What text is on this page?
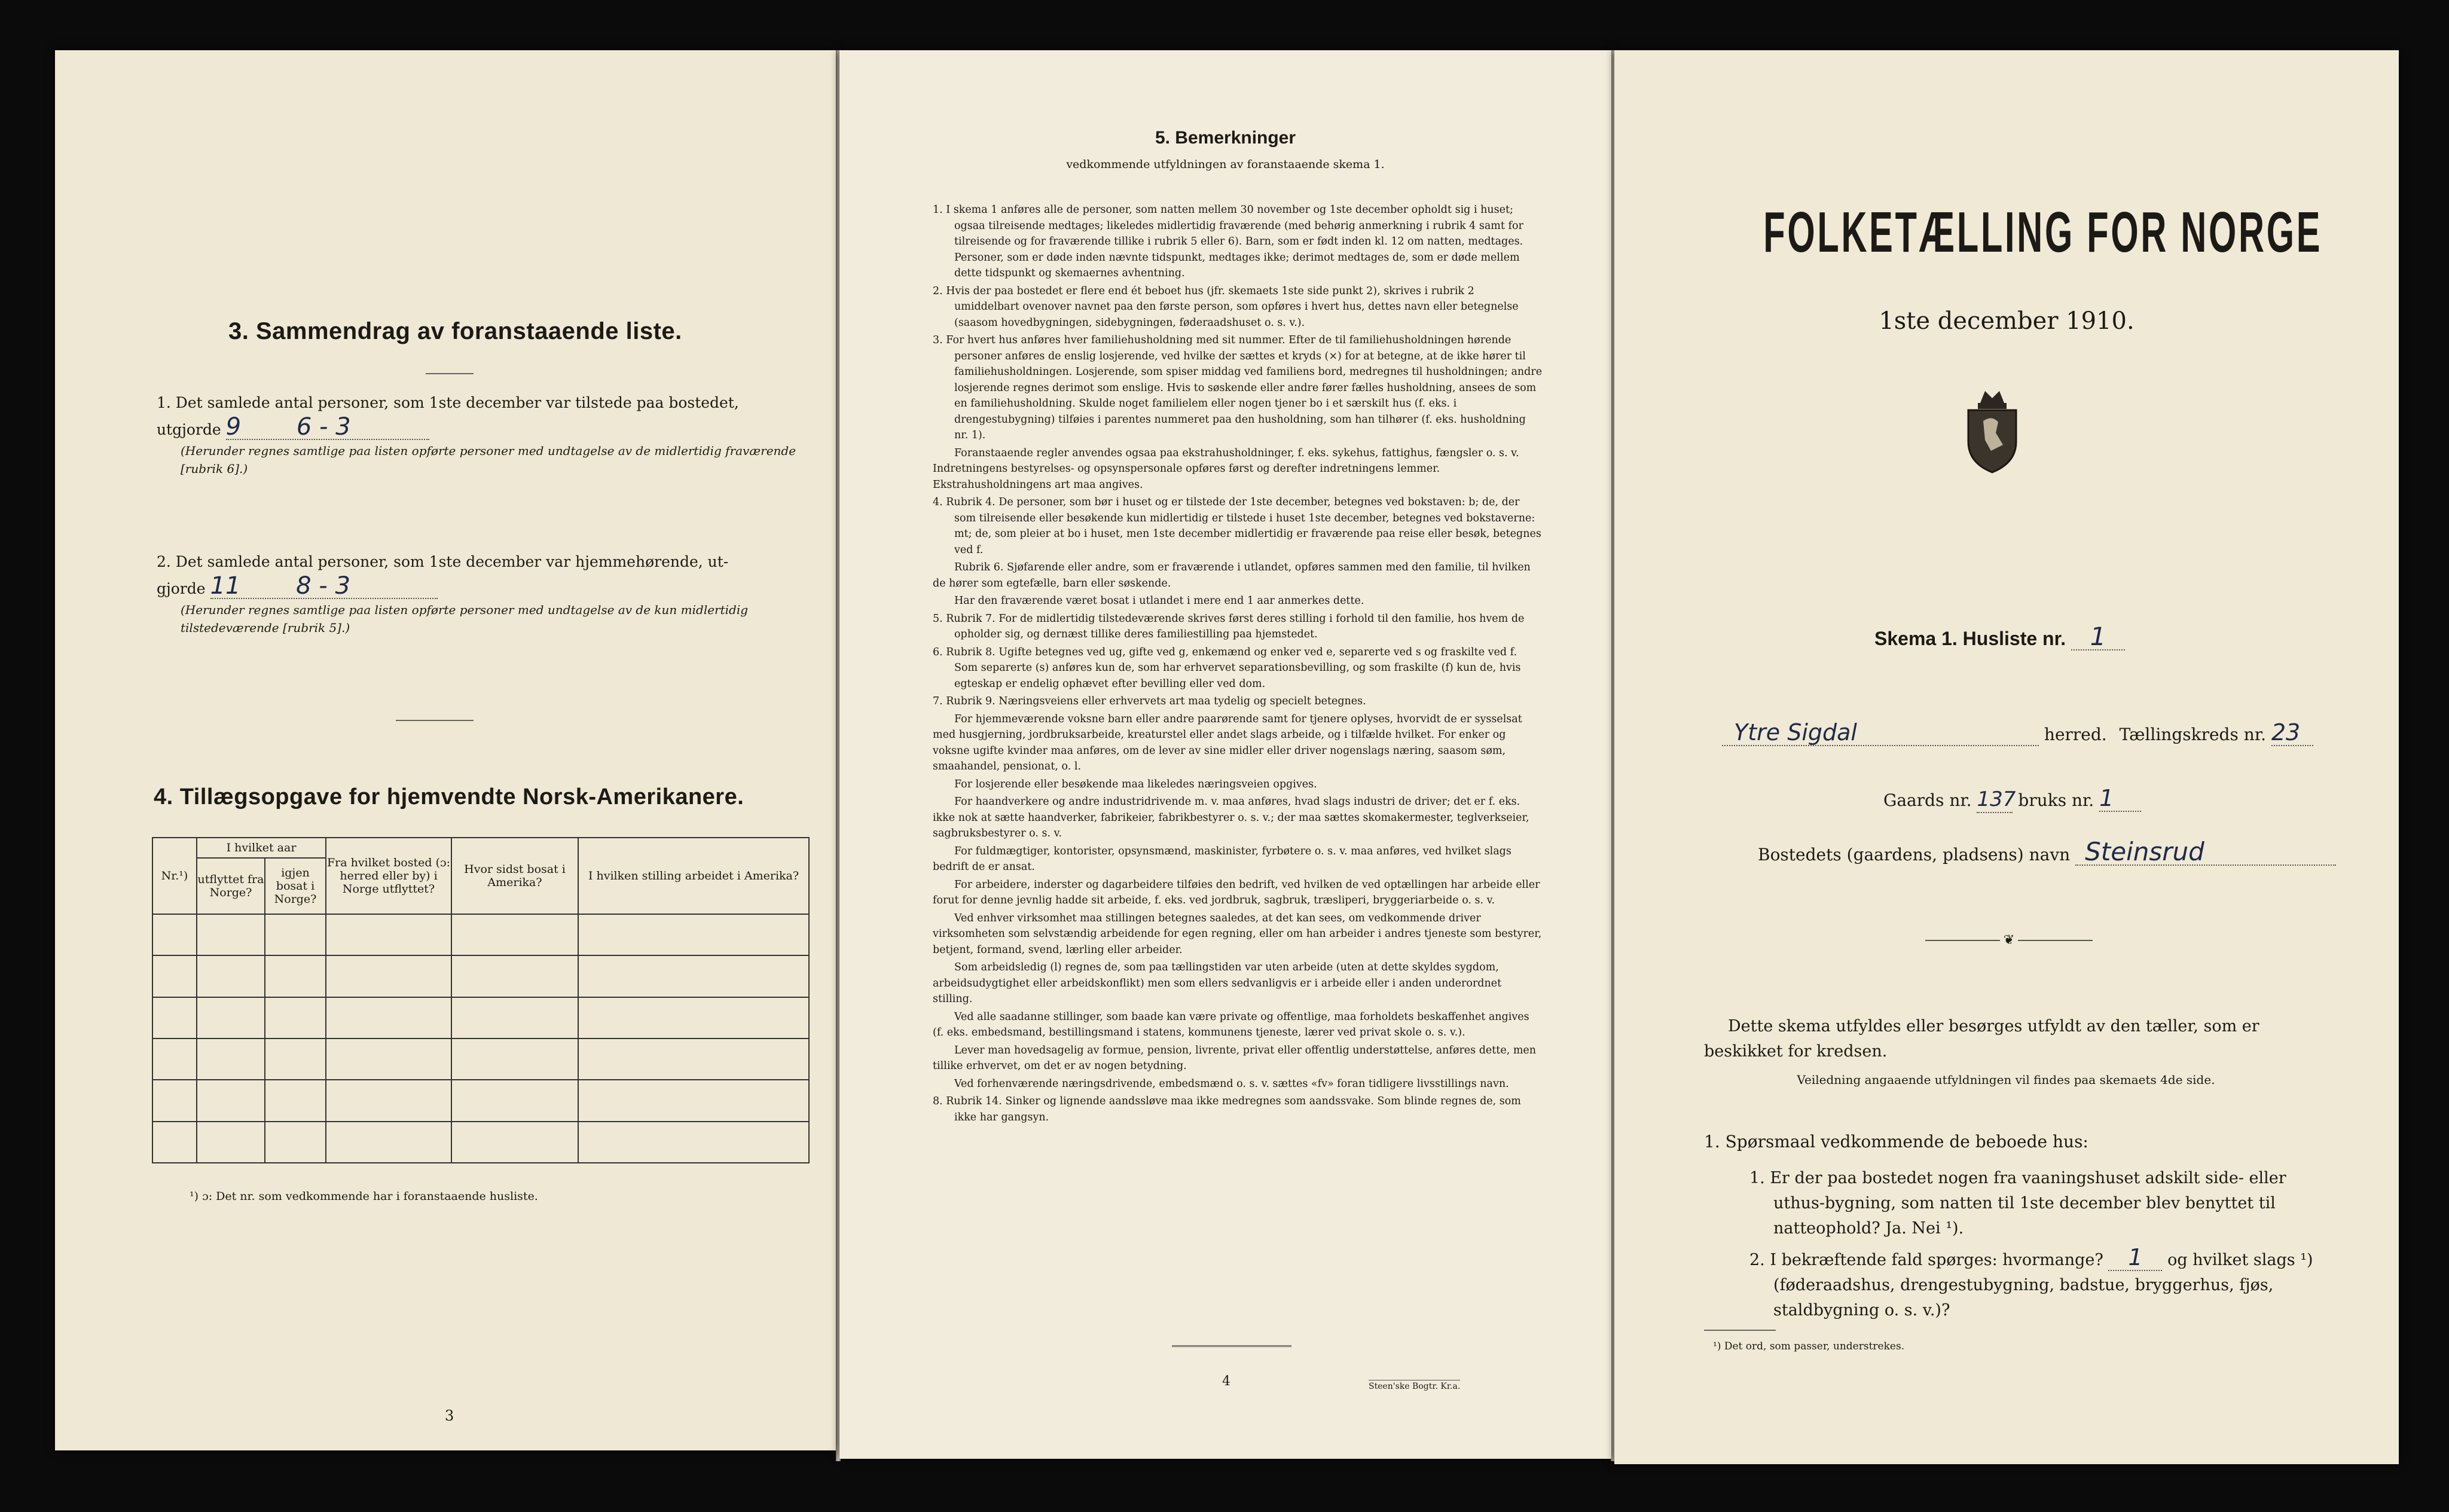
3. Sammendrag av foranstaaende liste.
1. Det samlede antal personer, som 1ste december var tilstede paa bostedet,
utgjorde 9 6 - 3
(Herunder regnes samtlige paa listen opførte personer med undtagelse av de midlertidig fraværende [rubrik 6].)
2. Det samlede antal personer, som 1ste december var hjemmehørende, ut-
gjorde 11 8 - 3
(Herunder regnes samtlige paa listen opførte personer med undtagelse av de kun midlertidig tilstedeværende [rubrik 5].)
4. Tillægsopgave for hjemvendte Norsk-Amerikanere.
Nr.¹)	I hvilket aar		Fra hvilket bosted (ɔ: herred eller by) i Norge utflyttet?	Hvor sidst bosat i Amerika?	I hvilken stilling arbeidet i Amerika?
	utflyttet fra Norge?	igjen bosat i Norge?			

¹) ɔ: Det nr. som vedkommende har i foranstaaende husliste.
3
5. Bemerkninger
vedkommende utfyldningen av foranstaaende skema 1.

1. I skema 1 anføres alle de personer, som natten mellem 30 november og 1ste december opholdt sig i huset; ogsaa tilreisende medtages; likeledes midlertidig fraværende (med behørig anmerkning i rubrik 4 samt for tilreisende og for fraværende tillike i rubrik 5 eller 6). Barn, som er født inden kl. 12 om natten, medtages. Personer, som er døde inden nævnte tidspunkt, medtages ikke; derimot medtages de, som er døde mellem dette tidspunkt og skemaernes avhentning.

2. Hvis der paa bostedet er flere end ét beboet hus (jfr. skemaets 1ste side punkt 2), skrives i rubrik 2 umiddelbart ovenover navnet paa den første person, som opføres i hvert hus, dettes navn eller betegnelse (saasom hovedbygningen, sidebygningen, føderaadshuset o. s. v.).

3. For hvert hus anføres hver familiehusholdning med sit nummer. Efter de til familiehusholdningen hørende personer anføres de enslig losjerende, ved hvilke der sættes et kryds (×) for at betegne, at de ikke hører til familiehusholdningen. Losjerende, som spiser middag ved familiens bord, medregnes til husholdningen; andre losjerende regnes derimot som enslige. Hvis to søskende eller andre fører fælles husholdning, ansees de som en familiehusholdning. Skulde noget familielem eller nogen tjener bo i et særskilt hus (f. eks. i drengestubygning) tilføies i parentes nummeret paa den husholdning, som han tilhører (f. eks. husholdning nr. 1).

Foranstaaende regler anvendes ogsaa paa ekstrahusholdninger, f. eks. sykehus, fattighus, fængsler o. s. v. Indretningens bestyrelses- og opsynspersonale opføres først og derefter indretningens lemmer. Ekstrahusholdningens art maa angives.

4. Rubrik 4. De personer, som bør i huset og er tilstede der 1ste december, betegnes ved bokstaven: b; de, der som tilreisende eller besøkende kun midlertidig er tilstede i huset 1ste december, betegnes ved bokstaverne: mt; de, som pleier at bo i huset, men 1ste december midlertidig er fraværende paa reise eller besøk, betegnes ved f.

Rubrik 6. Sjøfarende eller andre, som er fraværende i utlandet, opføres sammen med den familie, til hvilken de hører som egtefælle, barn eller søskende.

Har den fraværende været bosat i utlandet i mere end 1 aar anmerkes dette.

5. Rubrik 7. For de midlertidig tilstedeværende skrives først deres stilling i forhold til den familie, hos hvem de opholder sig, og dernæst tillike deres familiestilling paa hjemstedet.

6. Rubrik 8. Ugifte betegnes ved ug, gifte ved g, enkemænd og enker ved e, separerte ved s og fraskilte ved f. Som separerte (s) anføres kun de, som har erhvervet separationsbevilling, og som fraskilte (f) kun de, hvis egteskap er endelig ophævet efter bevilling eller ved dom.

7. Rubrik 9. Næringsveiens eller erhvervets art maa tydelig og specielt betegnes.

For hjemmeværende voksne barn eller andre paarørende samt for tjenere oplyses, hvorvidt de er sysselsat med husgjerning, jordbruksarbeide, kreaturstel eller andet slags arbeide, og i tilfælde hvilket. For enker og voksne ugifte kvinder maa anføres, om de lever av sine midler eller driver nogenslags næring, saasom søm, smaahandel, pensionat, o. l.

For losjerende eller besøkende maa likeledes næringsveien opgives.

For haandverkere og andre industridrivende m. v. maa anføres, hvad slags industri de driver; det er f. eks. ikke nok at sætte haandverker, fabrikeier, fabrikbestyrer o. s. v.; der maa sættes skomakermester, teglverkseier, sagbruksbestyrer o. s. v.

For fuldmægtiger, kontorister, opsynsmænd, maskinister, fyrbøtere o. s. v. maa anføres, ved hvilket slags bedrift de er ansat.

For arbeidere, inderster og dagarbeidere tilføies den bedrift, ved hvilken de ved optællingen har arbeide eller forut for denne jevnlig hadde sit arbeide, f. eks. ved jordbruk, sagbruk, træsliperi, bryggeriarbeide o. s. v.

Ved enhver virksomhet maa stillingen betegnes saaledes, at det kan sees, om vedkommende driver virksomheten som selvstændig arbeidende for egen regning, eller om han arbeider i andres tjeneste som bestyrer, betjent, formand, svend, lærling eller arbeider.

Som arbeidsledig (l) regnes de, som paa tællingstiden var uten arbeide (uten at dette skyldes sygdom, arbeidsudygtighet eller arbeidskonflikt) men som ellers sedvanligvis er i arbeide eller i anden underordnet stilling.

Ved alle saadanne stillinger, som baade kan være private og offentlige, maa forholdets beskaffenhet angives (f. eks. embedsmand, bestillingsmand i statens, kommunens tjeneste, lærer ved privat skole o. s. v.).

Lever man hovedsagelig av formue, pension, livrente, privat eller offentlig understøttelse, anføres dette, men tillike erhvervet, om det er av nogen betydning.

Ved forhenværende næringsdrivende, embedsmænd o. s. v. sættes «fv» foran tidligere livsstillings navn.

8. Rubrik 14. Sinker og lignende aandssløve maa ikke medregnes som aandssvake. Som blinde regnes de, som ikke har gangsyn.

4	Steen'ske Bogtr. Kr.a.
FOLKETÆLLING FOR NORGE
1ste december 1910.
Skema 1. Husliste nr. 1
Ytre Sigdal	herred. Tællingskreds nr. 23
Gaards nr. 137 bruks nr. 1
Bostedets (gaardens, pladsens) navn Steinsrud
❦
Dette skema utfyldes eller besørges utfyldt av den tæller, som er beskikket for kredsen.
Veiledning angaaende utfyldningen vil findes paa skemaets 4de side.
1. Spørsmaal vedkommende de beboede hus:
1. Er der paa bostedet nogen fra vaaningshuset adskilt side- eller uthus-bygning, som natten til 1ste december blev benyttet til natteophold? Ja. Nei ¹).
2. I bekræftende fald spørges: hvormange? 1 og hvilket slags ¹) (føderaadshus, drengestubygning, badstue, bryggerhus, fjøs, staldbygning o. s. v.)?
¹) Det ord, som passer, understrekes.
